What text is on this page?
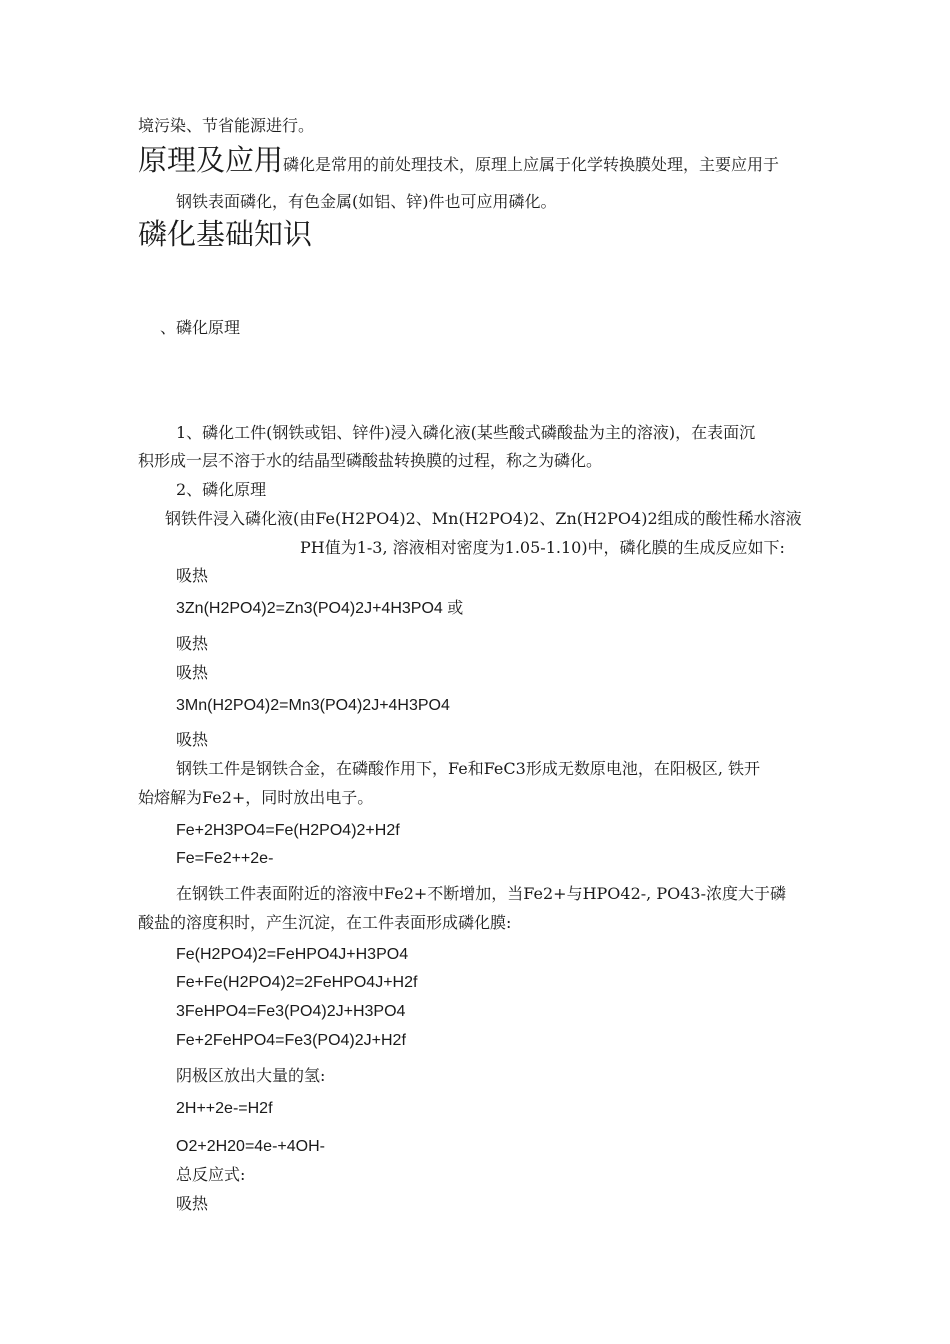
境污染、节省能源进行。
原理及应用磷化是常用的前处理技术，原理上应属于化学转换膜处理，主要应用于
钢铁表面磷化，有色金属(如铝、锌)件也可应用磷化。
磷化基础知识
、磷化原理
1、磷化工件(钢铁或铝、锌件)浸入磷化液(某些酸式磷酸盐为主的溶液)，在表面沉
积形成一层不溶于水的结晶型磷酸盐转换膜的过程，称之为磷化。
2、磷化原理
钢铁件浸入磷化液(由Fe(H2PO4)2、Mn(H2PO4)2、Zn(H2PO4)2组成的酸性稀水溶液
PH值为1-3, 溶液相对密度为1.05-1.10)中，磷化膜的生成反应如下:
吸热
3Zn(H2PO4)2=Zn3(PO4)2J+4H3PO4 或
吸热
吸热
3Mn(H2PO4)2=Mn3(PO4)2J+4H3PO4
吸热
钢铁工件是钢铁合金，在磷酸作用下，Fe和FeC3形成无数原电池，在阳极区, 铁开
始熔解为Fe2+，同时放出电子。
Fe+2H3PO4=Fe(H2PO4)2+H2f
Fe=Fe2++2e-
在钢铁工件表面附近的溶液中Fe2+不断增加，当Fe2+与HPO42-, PO43-浓度大于磷
酸盐的溶度积时，产生沉淀，在工件表面形成磷化膜:
Fe(H2PO4)2=FeHPO4J+H3PO4
Fe+Fe(H2PO4)2=2FeHPO4J+H2f
3FeHPO4=Fe3(PO4)2J+H3PO4
Fe+2FeHPO4=Fe3(PO4)2J+H2f
阴极区放出大量的氢:
2H++2e-=H2f
O2+2H20=4e-+4OH-
总反应式:
吸热
